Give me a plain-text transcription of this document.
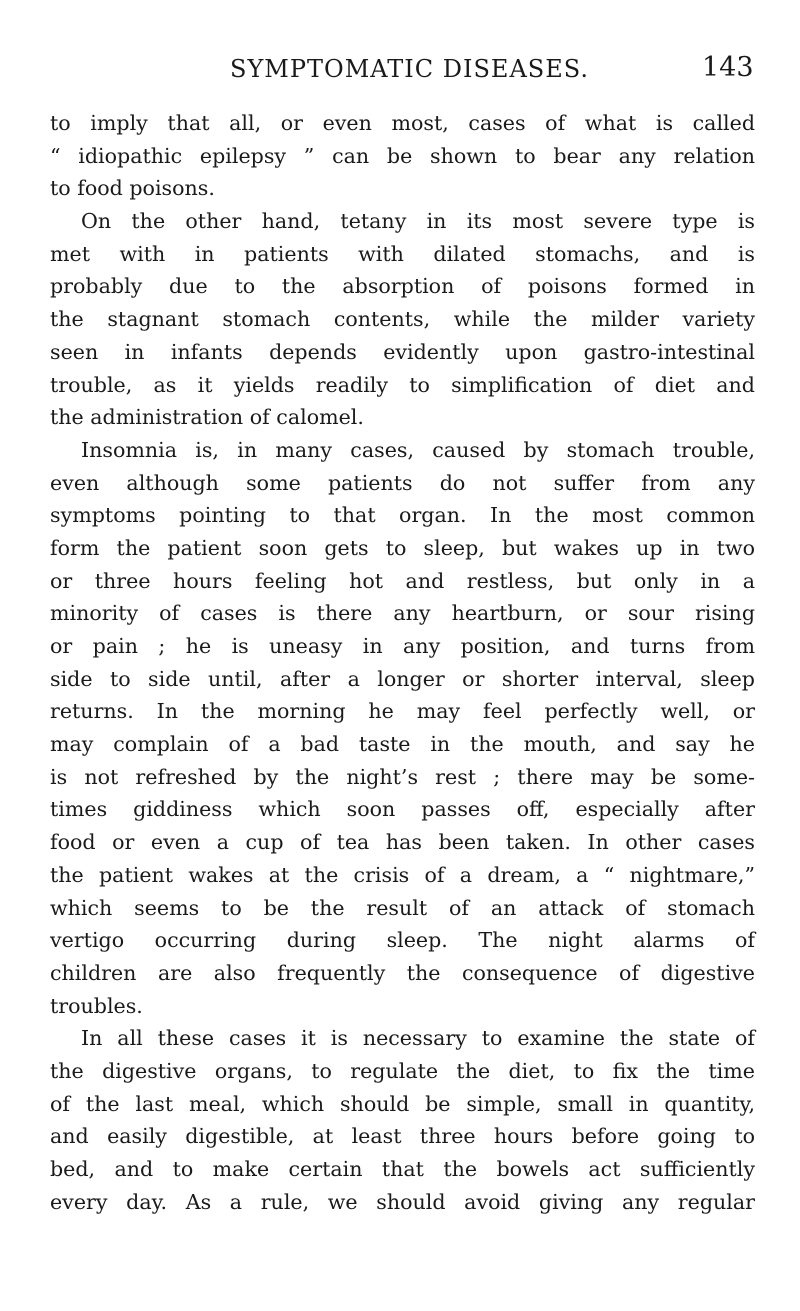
SYMPTOMATIC DISEASES.	143
to imply that all, or even most, cases of what is called
“ idiopathic epilepsy ” can be shown to bear any relation
to food poisons.
On the other hand, tetany in its most severe type is
met with in patients with dilated stomachs, and is
probably due to the absorption of poisons formed in
the stagnant stomach contents, while the milder variety
seen in infants depends evidently upon gastro-intestinal
trouble, as it yields readily to simplification of diet and
the administration of calomel.
Insomnia is, in many cases, caused by stomach trouble,
even although some patients do not suffer from any
symptoms pointing to that organ. In the most common
form the patient soon gets to sleep, but wakes up in two
or three hours feeling hot and restless, but only in a
minority of cases is there any heartburn, or sour rising
or pain ; he is uneasy in any position, and turns from
side to side until, after a longer or shorter interval, sleep
returns. In the morning he may feel perfectly well, or
may complain of a bad taste in the mouth, and say he
is not refreshed by the night’s rest ; there may be some-
times giddiness which soon passes off, especially after
food or even a cup of tea has been taken. In other cases
the patient wakes at the crisis of a dream, a “ nightmare,”
which seems to be the result of an attack of stomach
vertigo occurring during sleep. The night alarms of
children are also frequently the consequence of digestive
troubles.
In all these cases it is necessary to examine the state of
the digestive organs, to regulate the diet, to fix the time
of the last meal, which should be simple, small in quantity,
and easily digestible, at least three hours before going to
bed, and to make certain that the bowels act sufficiently
every day. As a rule, we should avoid giving any regular
